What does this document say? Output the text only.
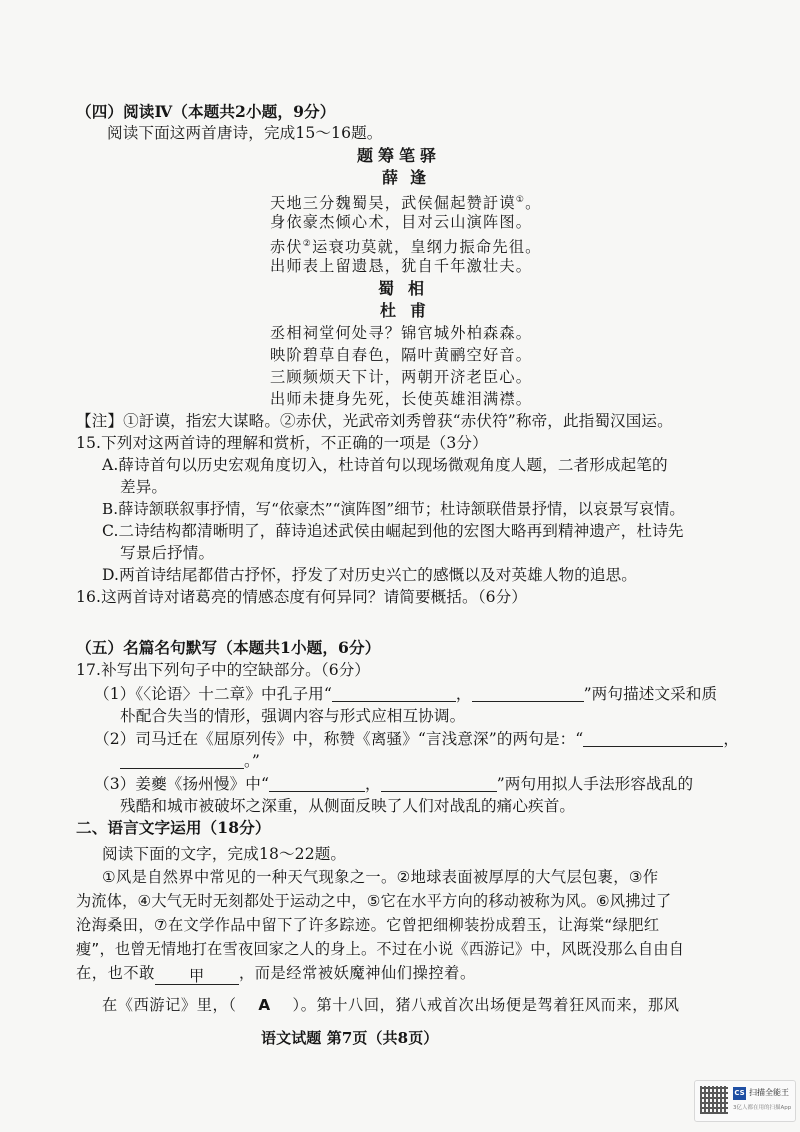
（四）阅读Ⅳ（本题共2小题，9分）
阅读下面这两首唐诗，完成15～16题。
题筹笔驿
薛逢
天地三分魏蜀吴，武侯倔起赞訏谟①。
身依豪杰倾心术，目对云山演阵图。
赤伏②运衰功莫就，皇纲力振命先徂。
出师表上留遗恳，犹自千年激壮夫。
蜀相
杜甫
丞相祠堂何处寻？锦官城外柏森森。
映阶碧草自春色，隔叶黄鹂空好音。
三顾频烦天下计，两朝开济老臣心。
出师未捷身先死，长使英雄泪满襟。
【注】①訏谟，指宏大谋略。②赤伏，光武帝刘秀曾获“赤伏符”称帝，此指蜀汉国运。
15.下列对这两首诗的理解和赏析，不正确的一项是（3分）
A.薛诗首句以历史宏观角度切入，杜诗首句以现场微观角度人题，二者形成起笔的
差异。
B.薛诗颔联叙事抒情，写“依豪杰”“演阵图”细节；杜诗颔联借景抒情，以哀景写哀情。
C.二诗结构都清晰明了，薛诗追述武侯由崛起到他的宏图大略再到精神遗产，杜诗先
写景后抒情。
D.两首诗结尾都借古抒怀，抒发了对历史兴亡的感慨以及对英雄人物的追思。
16.这两首诗对诸葛亮的情感态度有何异同？请简要概括。（6分）
（五）名篇名句默写（本题共1小题，6分）
17.补写出下列句子中的空缺部分。（6分）
（1）《〈论语〉十二章》中孔子用“	，	”两句描述文采和质
朴配合失当的情形，强调内容与形式应相互协调。
（2）司马迁在《屈原列传》中，称赞《离骚》“言浅意深”的两句是：“	，
。”
（3）姜夔《扬州慢》中“	，	”两句用拟人手法形容战乱的
残酷和城市被破坏之深重，从侧面反映了人们对战乱的痛心疾首。
二、语言文字运用（18分）
阅读下面的文字，完成18～22题。
①风是自然界中常见的一种天气现象之一。②地球表面被厚厚的大气层包裹，③作
为流体，④大气无时无刻都处于运动之中，⑤它在水平方向的移动被称为风。⑥风拂过了
沧海桑田，⑦在文学作品中留下了许多踪迹。它曾把细柳装扮成碧玉，让海棠“绿肥红
瘦”，也曾无情地打在雪夜回家之人的身上。不过在小说《西游记》中，风既没那么自由自
在，也不敢 甲 ，而是经常被妖魔神仙们操控着。
在《西游记》里，（ A ）。第十八回，猪八戒首次出场便是驾着狂风而来，那风
语文试题 第7页（共8页）
CS 扫描全能王
3亿人都在用的扫描App
